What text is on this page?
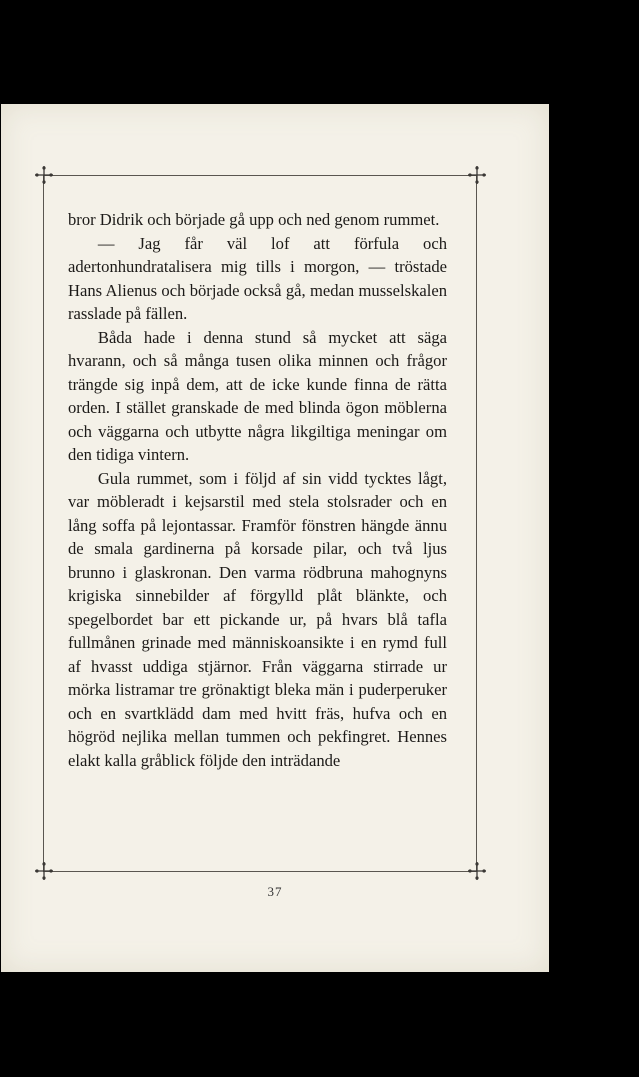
bror Didrik och började gå upp och ned genom rummet.

— Jag får väl lof att förfula och adertonhundratalisera mig tills i morgon, — tröstade Hans Alienus och började också gå, medan musselskalen rasslade på fällen.

Båda hade i denna stund så mycket att säga hvarann, och så många tusen olika minnen och frågor trängde sig inpå dem, att de icke kunde finna de rätta orden. I stället granskade de med blinda ögon möblerna och väggarna och utbytte några likgiltiga meningar om den tidiga vintern.

Gula rummet, som i följd af sin vidd tycktes lågt, var möbleradt i kejsarstil med stela stolsrader och en lång soffa på lejontassar. Framför fönstren hängde ännu de smala gardinerna på korsade pilar, och två ljus brunno i glaskronan. Den varma rödbruna mahognyns krigiska sinnebilder af förgylld plåt blänkte, och spegelbordet bar ett pickande ur, på hvars blå tafla fullmånen grinade med människoansikte i en rymd full af hvasst uddiga stjärnor. Från väggarna stirrade ur mörka listramar tre grönaktigt bleka män i puderperuker och en svartklädd dam med hvitt fräs, hufva och en högröd nejlika mellan tummen och pekfingret. Hennes elakt kalla gråblick följde den inträdande

37
